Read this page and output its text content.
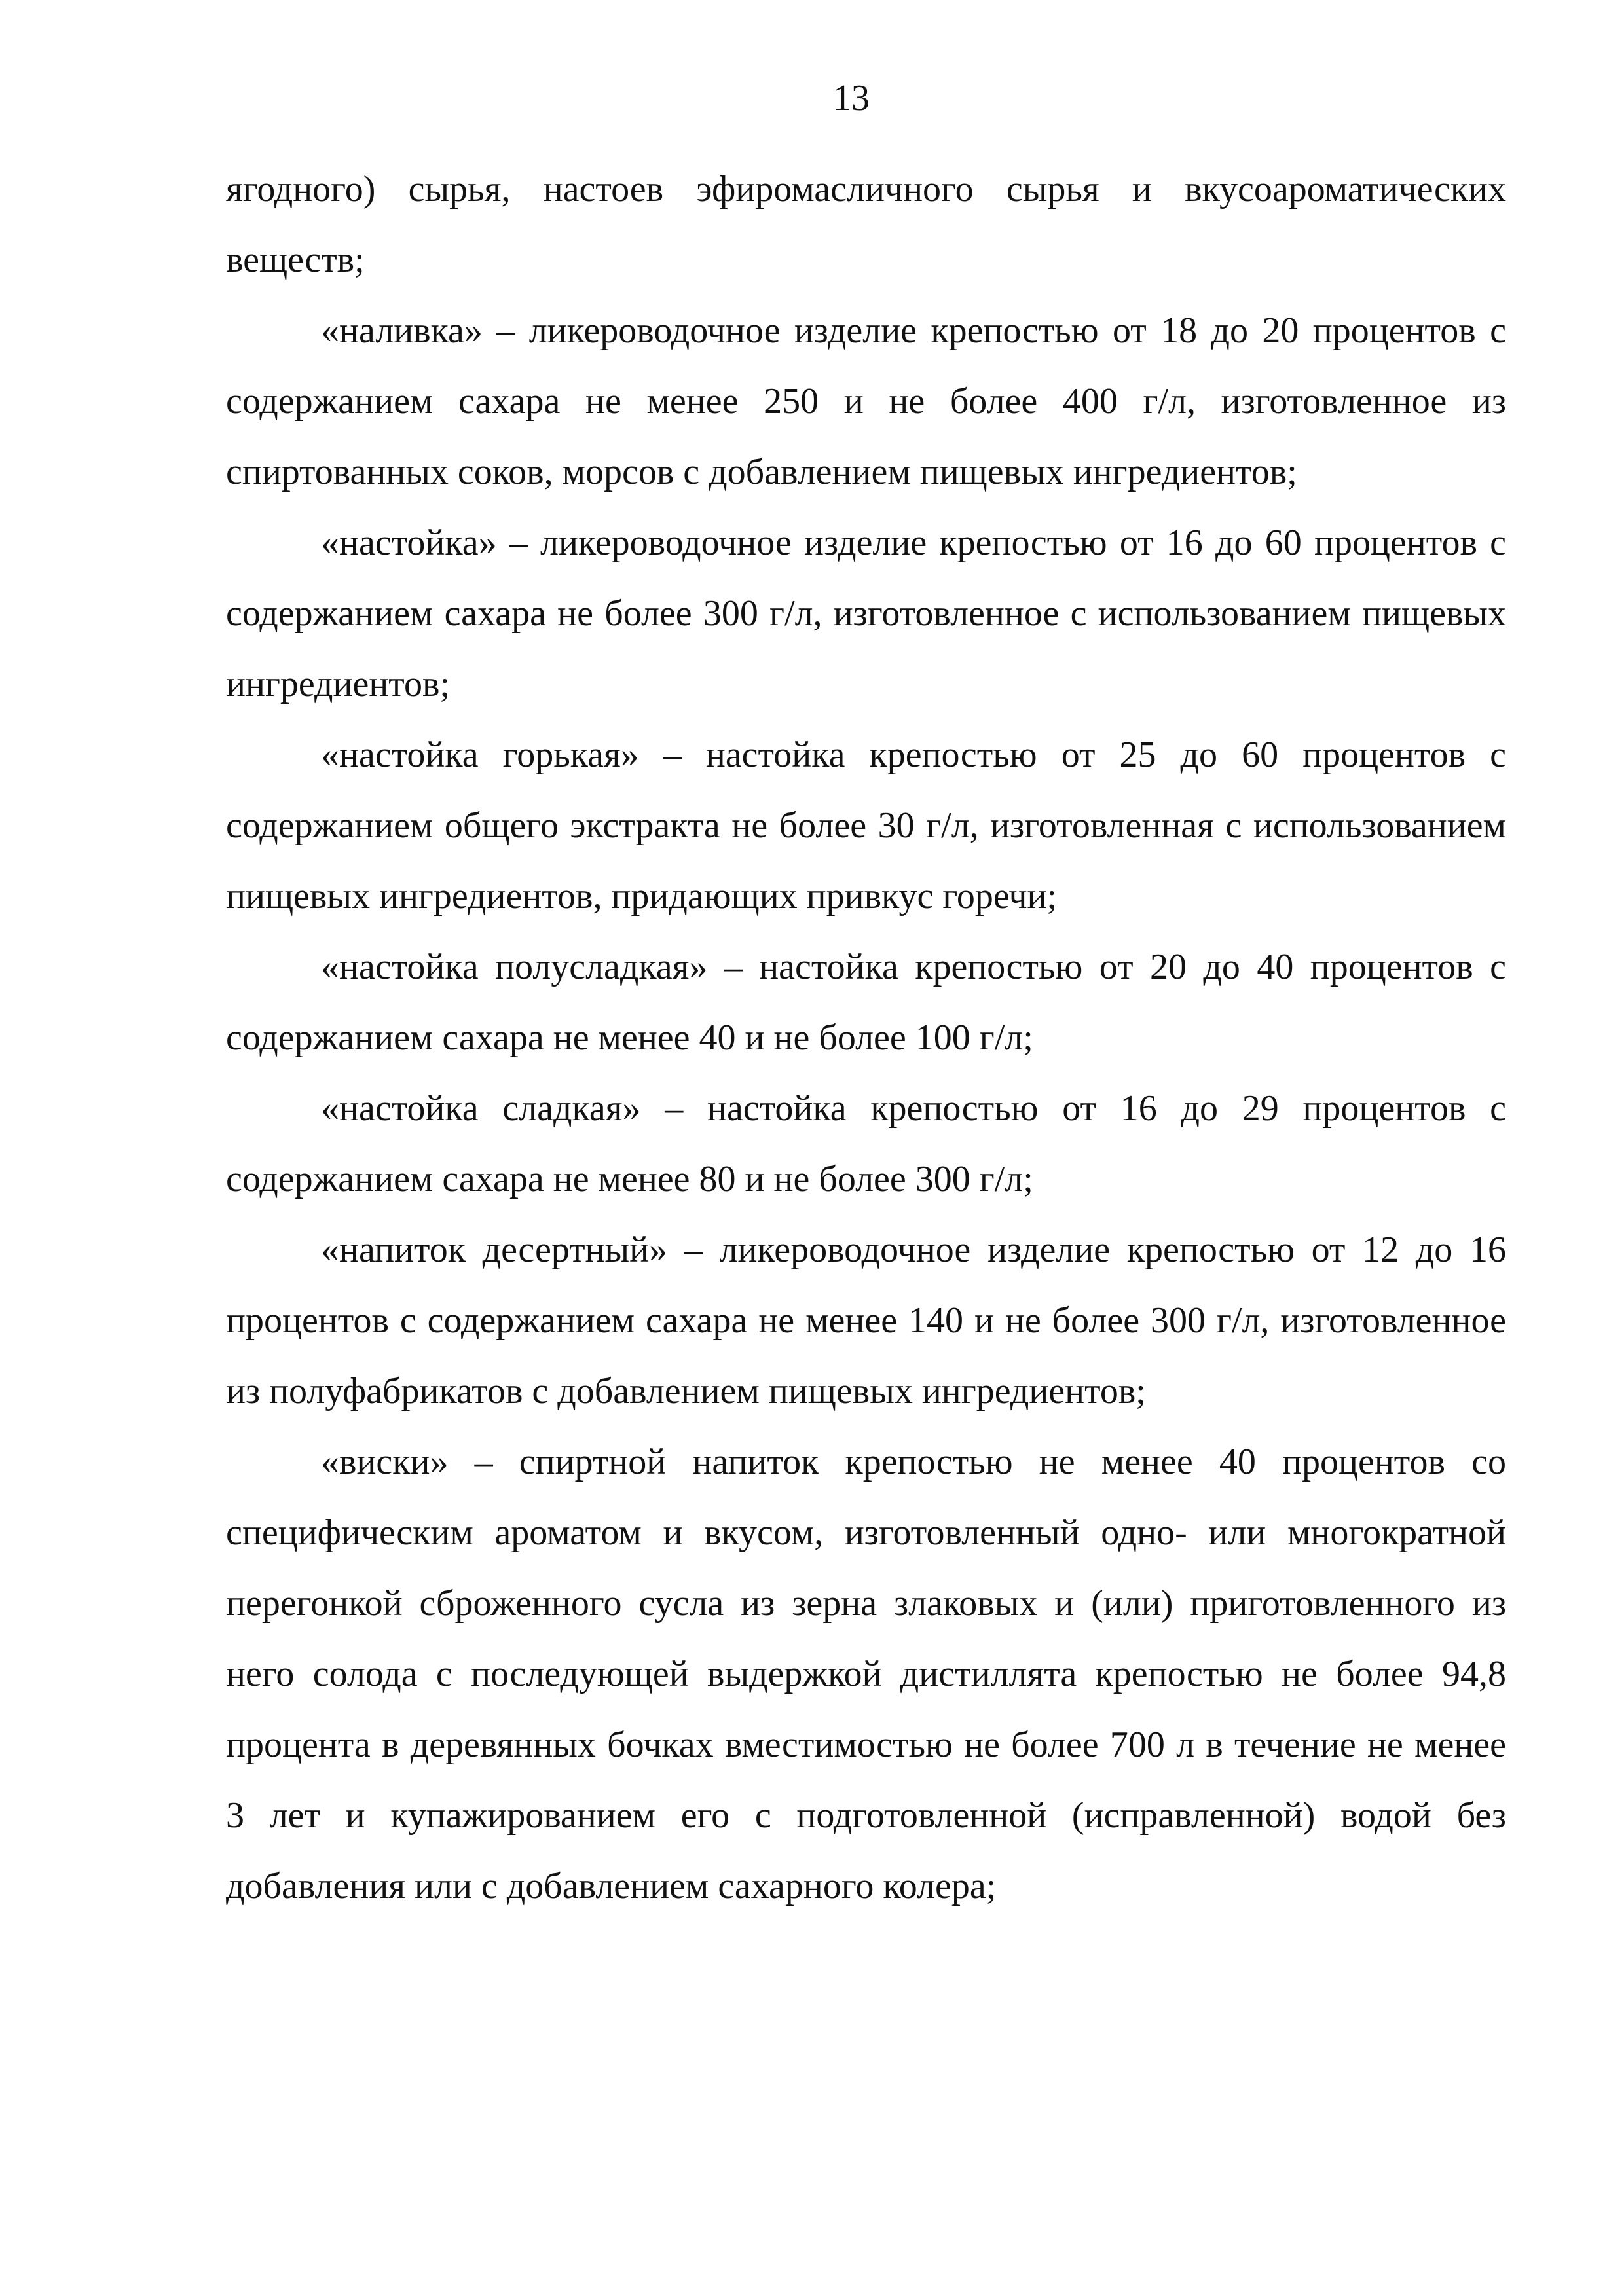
13

ягодного) сырья, настоев эфиромасличного сырья и вкусоароматических веществ;

«наливка» – ликероводочное изделие крепостью от 18 до 20 процентов с содержанием сахара не менее 250 и не более 400 г/л, изготовленное из спиртованных соков, морсов с добавлением пищевых ингредиентов;

«настойка» – ликероводочное изделие крепостью от 16 до 60 процентов с содержанием сахара не более 300 г/л, изготовленное с использованием пищевых ингредиентов;

«настойка горькая» – настойка крепостью от 25 до 60 процентов с содержанием общего экстракта не более 30 г/л, изготовленная с использованием пищевых ингредиентов, придающих привкус горечи;

«настойка полусладкая» – настойка крепостью от 20 до 40 процентов с содержанием сахара не менее 40 и не более 100 г/л;

«настойка сладкая» – настойка крепостью от 16 до 29 процентов с содержанием сахара не менее 80 и не более 300 г/л;

«напиток десертный» – ликероводочное изделие крепостью от 12 до 16 процентов с содержанием сахара не менее 140 и не более 300 г/л, изготовленное из полуфабрикатов с добавлением пищевых ингредиентов;

«виски» – спиртной напиток крепостью не менее 40 процентов со специфическим ароматом и вкусом, изготовленный одно- или многократной перегонкой сброженного сусла из зерна злаковых и (или) приготовленного из него солода с последующей выдержкой дистиллята крепостью не более 94,8 процента в деревянных бочках вместимостью не более 700 л в течение не менее 3 лет и купажированием его с подготовленной (исправленной) водой без добавления или с добавлением сахарного колера;
